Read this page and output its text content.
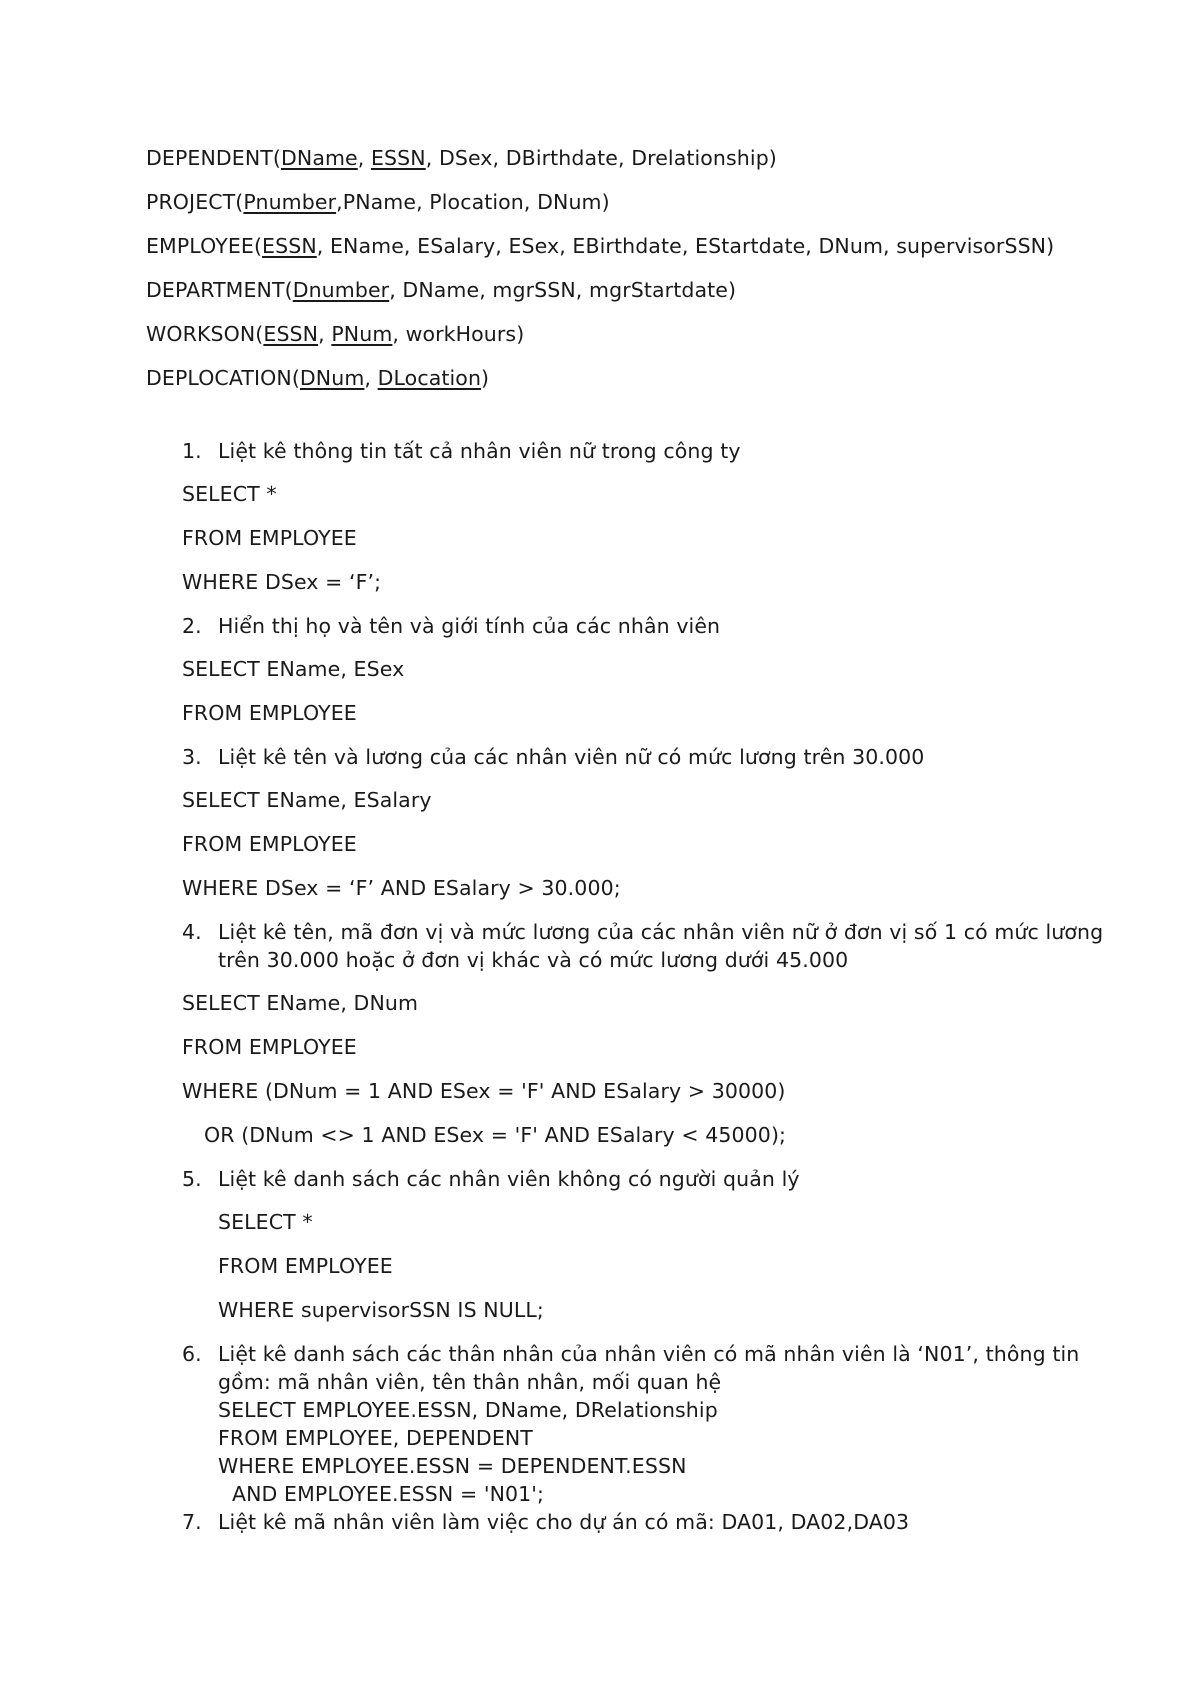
DEPENDENT(DName, ESSN, DSex, DBirthdate, Drelationship)

PROJECT(Pnumber,PName, Plocation, DNum)

EMPLOYEE(ESSN, EName, ESalary, ESex, EBirthdate, EStartdate, DNum, supervisorSSN)

DEPARTMENT(Dnumber, DName, mgrSSN, mgrStartdate)

WORKSON(ESSN, PNum, workHours)

DEPLOCATION(DNum, DLocation)

1. Liệt kê thông tin tất cả nhân viên nữ trong công ty
SELECT *
FROM EMPLOYEE
WHERE DSex = ‘F’;
2. Hiển thị họ và tên và giới tính của các nhân viên
SELECT EName, ESex
FROM EMPLOYEE
3. Liệt kê tên và lương của các nhân viên nữ có mức lương trên 30.000
SELECT EName, ESalary
FROM EMPLOYEE
WHERE DSex = ‘F’ AND ESalary > 30.000;
4. Liệt kê tên, mã đơn vị và mức lương của các nhân viên nữ ở đơn vị số 1 có mức lương trên 30.000 hoặc ở đơn vị khác và có mức lương dưới 45.000
SELECT EName, DNum
FROM EMPLOYEE
WHERE (DNum = 1 AND ESex = 'F' AND ESalary > 30000)
OR (DNum <> 1 AND ESex = 'F' AND ESalary < 45000);
5. Liệt kê danh sách các nhân viên không có người quản lý
SELECT *
FROM EMPLOYEE
WHERE supervisorSSN IS NULL;
6. Liệt kê danh sách các thân nhân của nhân viên có mã nhân viên là ‘N01’, thông tin gồm: mã nhân viên, tên thân nhân, mối quan hệ
SELECT EMPLOYEE.ESSN, DName, DRelationship
FROM EMPLOYEE, DEPENDENT
WHERE EMPLOYEE.ESSN = DEPENDENT.ESSN
AND EMPLOYEE.ESSN = 'N01';
7. Liệt kê mã nhân viên làm việc cho dự án có mã: DA01, DA02,DA03
